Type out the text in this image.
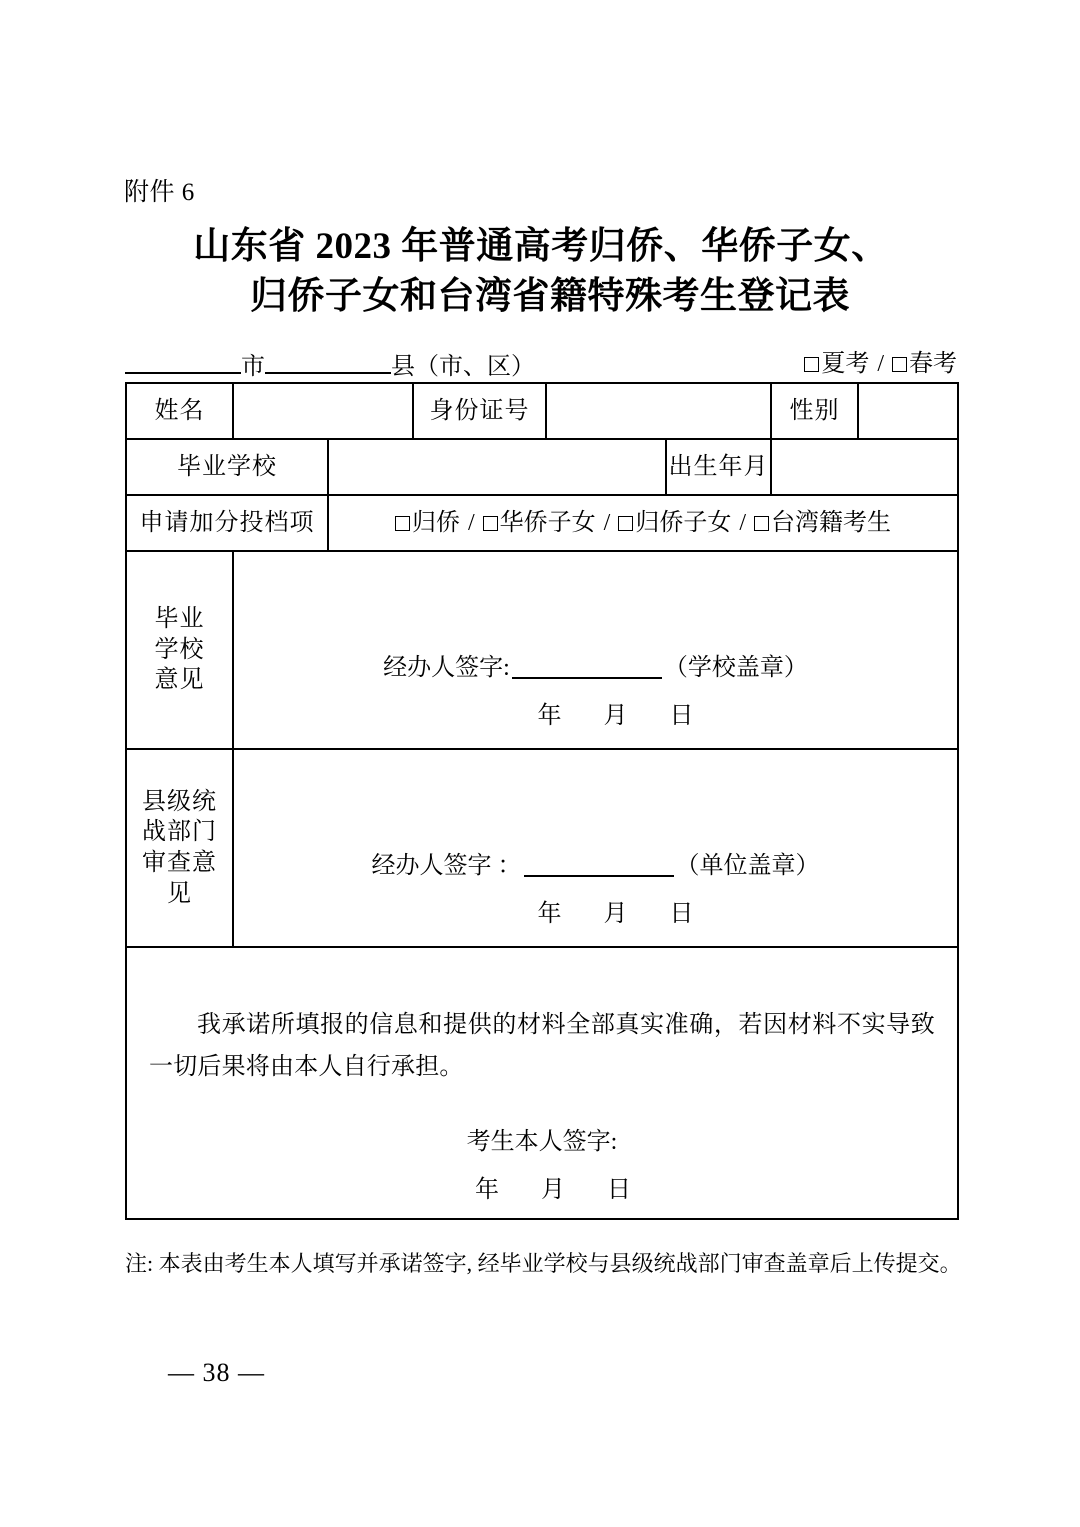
附件 6
山东省 2023 年普通高考归侨、华侨子女、
归侨子女和台湾省籍特殊考生登记表
市	县（市、区）	夏考 / 春考
姓名			身份证号			性别	
毕业学校					出生年月		
申请加分投档项		归侨 / 华侨子女 / 归侨子女 / 台湾籍考生					

毕业
学校
意见	经办人签字:	（学校盖章）
年 月 日

县级统
战部门
审查意
见

经办人签字 ：	（单位盖章）
年 月 日

我承诺所填报的信息和提供的材料全部真实准确，若因材料不实导致一切后果将由本人自行承担。
考生本人签字:
年 月 日							
注: 本表由考生本人填写并承诺签字, 经毕业学校与县级统战部门审查盖章后上传提交。
— 38 —
